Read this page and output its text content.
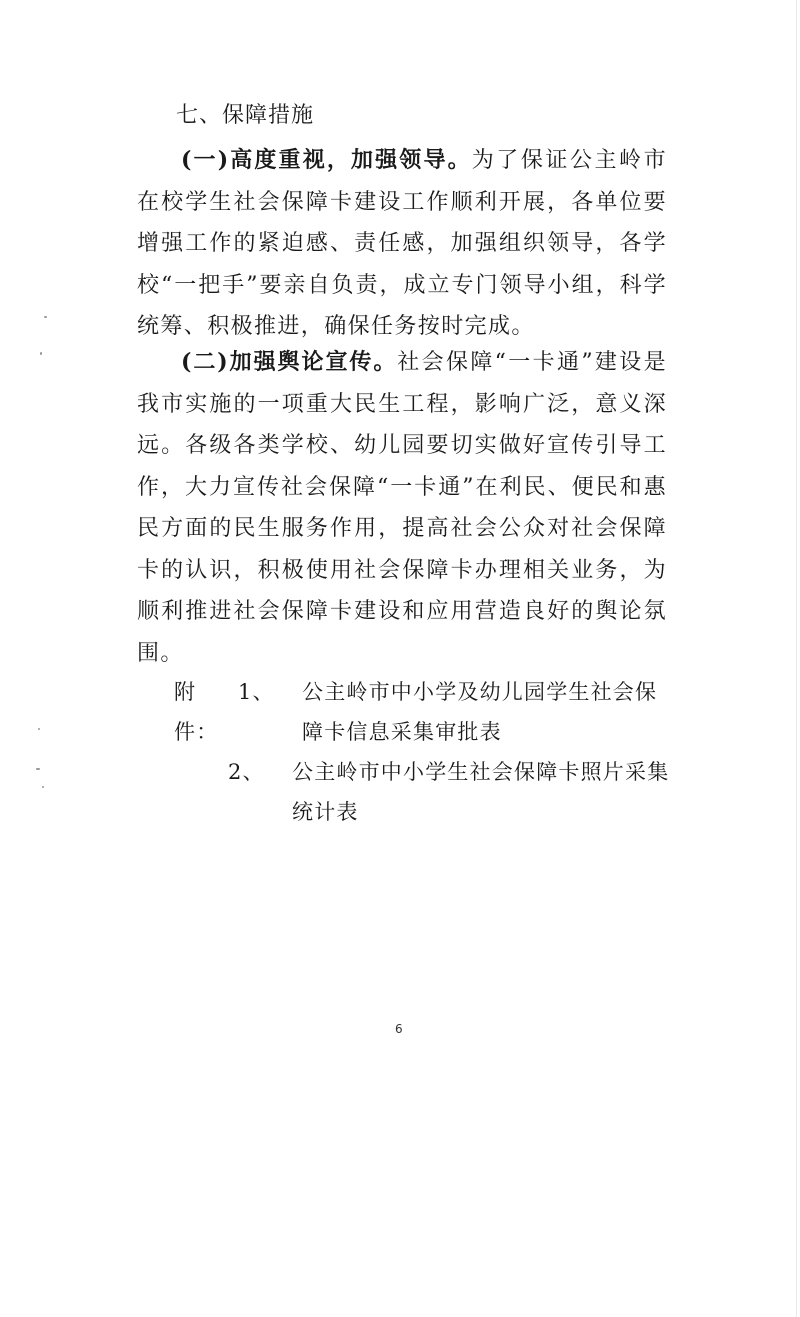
七、保障措施

(一)高度重视，加强领导。为了保证公主岭市在校学生社会保障卡建设工作顺利开展，各单位要增强工作的紧迫感、责任感，加强组织领导，各学校“一把手”要亲自负责，成立专门领导小组，科学统筹、积极推进，确保任务按时完成。

(二)加强舆论宣传。社会保障“一卡通”建设是我市实施的一项重大民生工程，影响广泛，意义深远。各级各类学校、幼儿园要切实做好宣传引导工作，大力宣传社会保障“一卡通”在利民、便民和惠民方面的民生服务作用，提高社会公众对社会保障卡的认识，积极使用社会保障卡办理相关业务，为顺利推进社会保障卡建设和应用营造良好的舆论氛围。

附件：
1、	公主岭市中小学及幼儿园学生社会保障卡信息采集审批表
2、	公主岭市中小学生社会保障卡照片采集统计表
6
